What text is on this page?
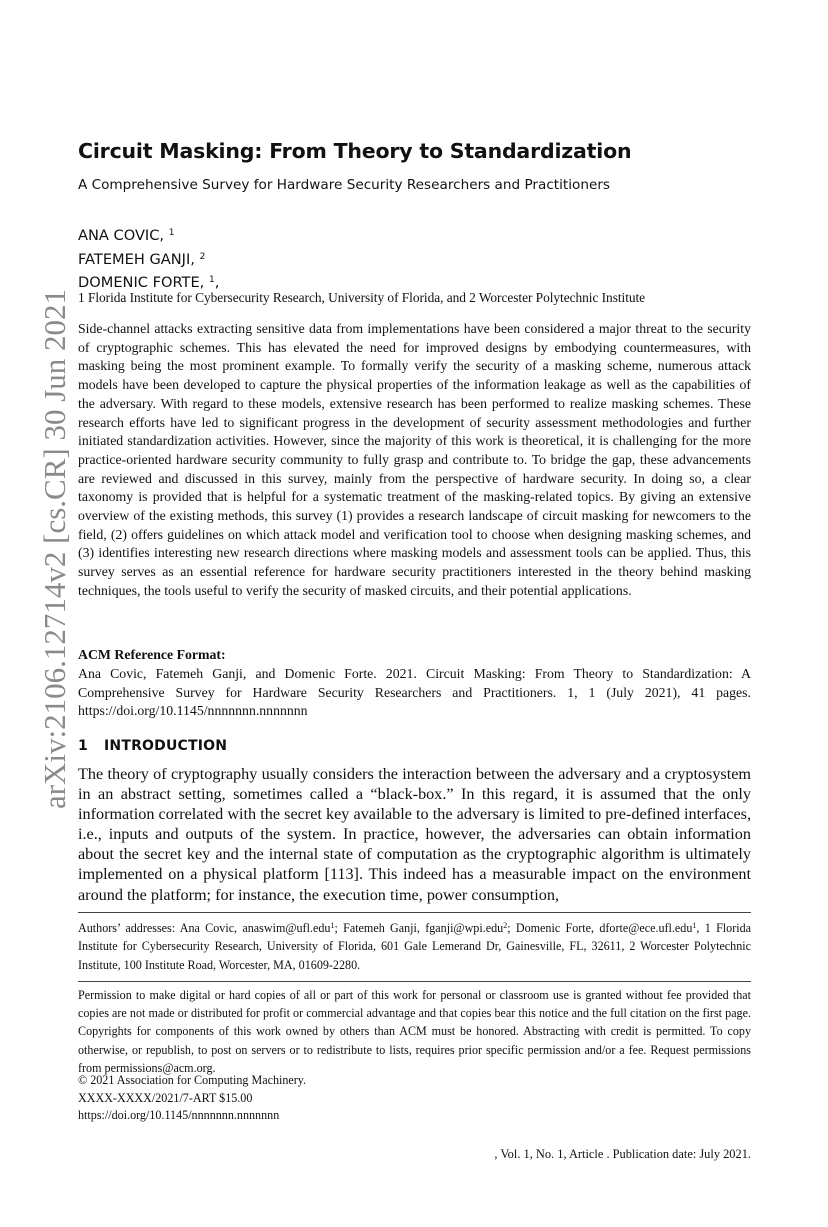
arXiv:2106.12714v2 [cs.CR] 30 Jun 2021
Circuit Masking: From Theory to Standardization
A Comprehensive Survey for Hardware Security Researchers and Practitioners
ANA COVIC, $^1$
FATEMEH GANJI, $^2$
DOMENIC FORTE, $^1$,
1 Florida Institute for Cybersecurity Research, University of Florida, and 2 Worcester Polytechnic Institute

Side-channel attacks extracting sensitive data from implementations have been considered a major threat to the security of cryptographic schemes. This has elevated the need for improved designs by embodying countermeasures, with masking being the most prominent example. To formally verify the security of a masking scheme, numerous attack models have been developed to capture the physical properties of the information leakage as well as the capabilities of the adversary. With regard to these models, extensive research has been performed to realize masking schemes. These research efforts have led to significant progress in the development of security assessment methodologies and further initiated standardization activities. However, since the majority of this work is theoretical, it is challenging for the more practice-oriented hardware security community to fully grasp and contribute to. To bridge the gap, these advancements are reviewed and discussed in this survey, mainly from the perspective of hardware security. In doing so, a clear taxonomy is provided that is helpful for a systematic treatment of the masking-related topics. By giving an extensive overview of the existing methods, this survey (1) provides a research landscape of circuit masking for newcomers to the field, (2) offers guidelines on which attack model and verification tool to choose when designing masking schemes, and (3) identifies interesting new research directions where masking models and assessment tools can be applied. Thus, this survey serves as an essential reference for hardware security practitioners interested in the theory behind masking techniques, the tools useful to verify the security of masked circuits, and their potential applications.

ACM Reference Format:
Ana Covic, Fatemeh Ganji, and Domenic Forte. 2021. Circuit Masking: From Theory to Standardization: A Comprehensive Survey for Hardware Security Researchers and Practitioners. 1, 1 (July 2021), 41 pages. https://doi.org/10.1145/nnnnnnn.nnnnnnn
1 INTRODUCTION

The theory of cryptography usually considers the interaction between the adversary and a cryptosystem in an abstract setting, sometimes called a “black-box.” In this regard, it is assumed that the only information correlated with the secret key available to the adversary is limited to pre-defined interfaces, i.e., inputs and outputs of the system. In practice, however, the adversaries can obtain information about the secret key and the internal state of computation as the cryptographic algorithm is ultimately implemented on a physical platform [113]. This indeed has a measurable impact on the environment around the platform; for instance, the execution time, power consumption,

Authors’ addresses: Ana Covic, anaswim@ufl.edu$^1$; Fatemeh Ganji, fganji@wpi.edu$^2$; Domenic Forte, dforte@ece.ufl.edu$^1$, 1 Florida Institute for Cybersecurity Research, University of Florida, 601 Gale Lemerand Dr, Gainesville, FL, 32611, 2 Worcester Polytechnic Institute, 100 Institute Road, Worcester, MA, 01609-2280.
Permission to make digital or hard copies of all or part of this work for personal or classroom use is granted without fee provided that copies are not made or distributed for profit or commercial advantage and that copies bear this notice and the full citation on the first page. Copyrights for components of this work owned by others than ACM must be honored. Abstracting with credit is permitted. To copy otherwise, or republish, to post on servers or to redistribute to lists, requires prior specific permission and/or a fee. Request permissions from permissions@acm.org.
© 2021 Association for Computing Machinery.
XXXX-XXXX/2021/7-ART $15.00
https://doi.org/10.1145/nnnnnnn.nnnnnnn
, Vol. 1, No. 1, Article . Publication date: July 2021.
